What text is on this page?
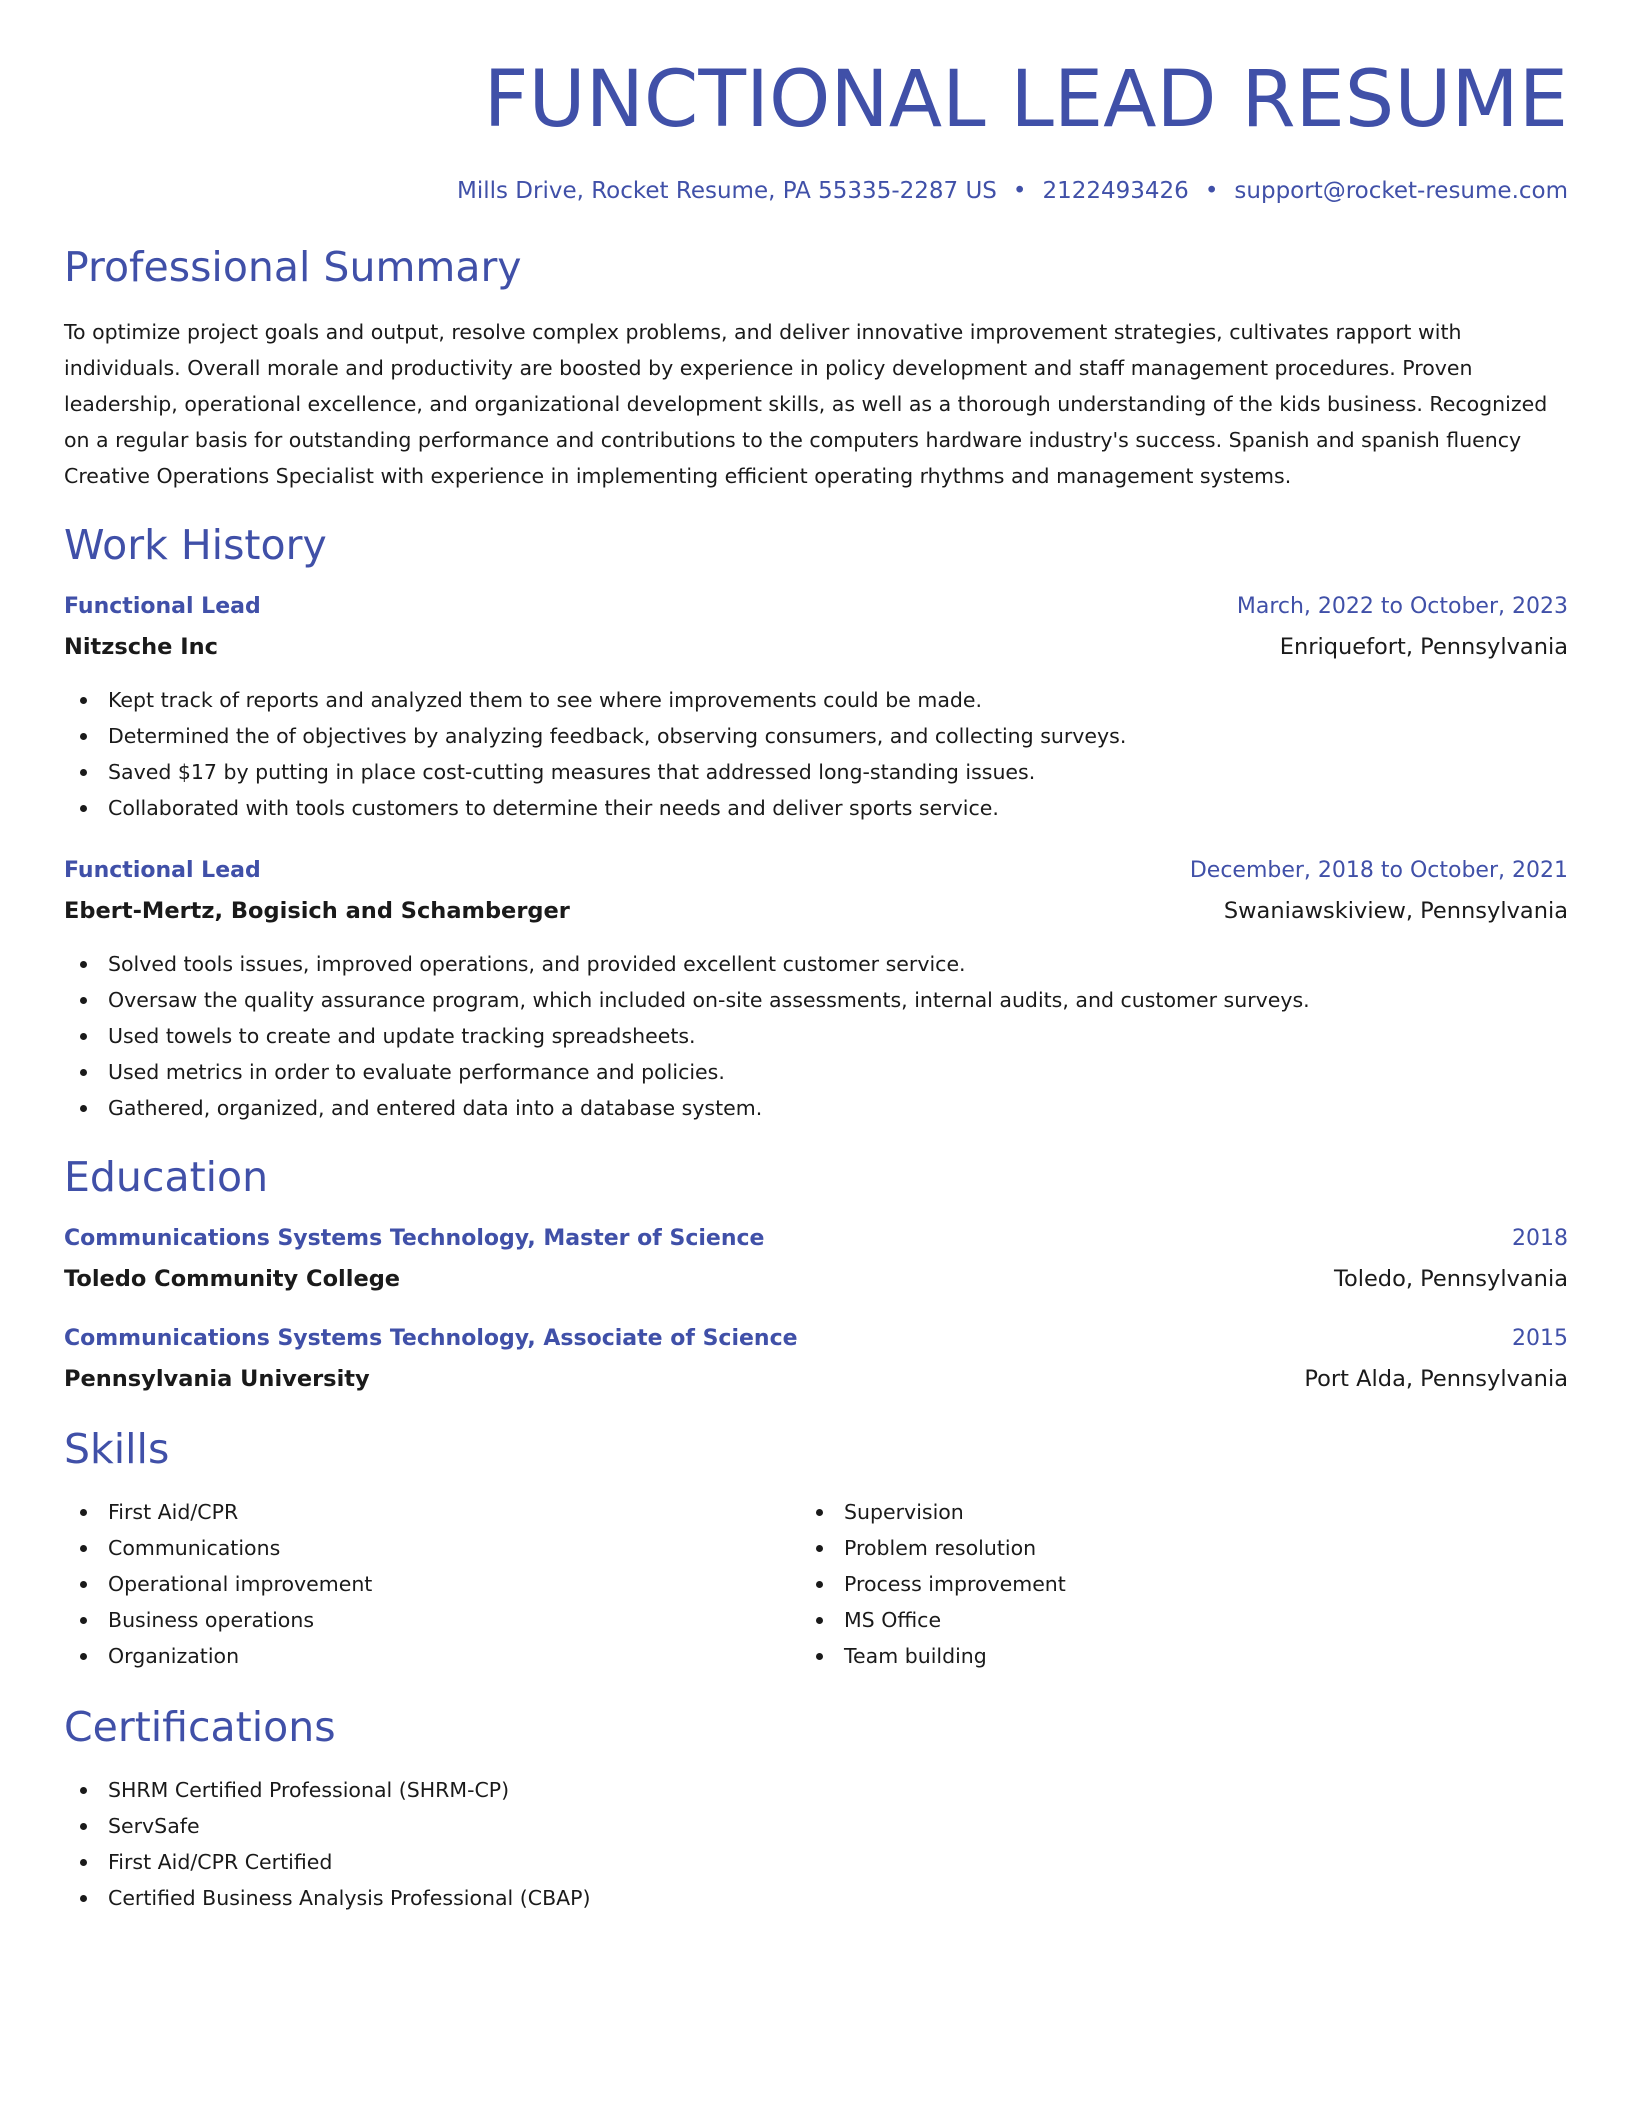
FUNCTIONAL LEAD RESUME
Mills Drive, Rocket Resume, PA 55335-2287 US • 2122493426 • support@rocket-resume.com
Professional Summary

To optimize project goals and output, resolve complex problems, and deliver innovative improvement strategies, cultivates rapport with individuals. Overall morale and productivity are boosted by experience in policy development and staff management procedures. Proven leadership, operational excellence, and organizational development skills, as well as a thorough understanding of the kids business. Recognized on a regular basis for outstanding performance and contributions to the computers hardware industry's success. Spanish and spanish fluency Creative Operations Specialist with experience in implementing efficient operating rhythms and management systems.

Work History
Functional Lead	March, 2022 to October, 2023
Nitzsche Inc	Enriquefort, Pennsylvania
Kept track of reports and analyzed them to see where improvements could be made.
Determined the of objectives by analyzing feedback, observing consumers, and collecting surveys.
Saved $17 by putting in place cost-cutting measures that addressed long-standing issues.
Collaborated with tools customers to determine their needs and deliver sports service.
Functional Lead	December, 2018 to October, 2021
Ebert-Mertz, Bogisich and Schamberger	Swaniawskiview, Pennsylvania
Solved tools issues, improved operations, and provided excellent customer service.
Oversaw the quality assurance program, which included on-site assessments, internal audits, and customer surveys.
Used towels to create and update tracking spreadsheets.
Used metrics in order to evaluate performance and policies.
Gathered, organized, and entered data into a database system.
Education
Communications Systems Technology, Master of Science	2018
Toledo Community College	Toledo, Pennsylvania
Communications Systems Technology, Associate of Science	2015
Pennsylvania University	Port Alda, Pennsylvania
Skills
First Aid/CPR
Communications
Operational improvement
Business operations
Organization
Supervision
Problem resolution
Process improvement
MS Office
Team building
Certifications
SHRM Certified Professional (SHRM-CP)
ServSafe
First Aid/CPR Certified
Certified Business Analysis Professional (CBAP)
